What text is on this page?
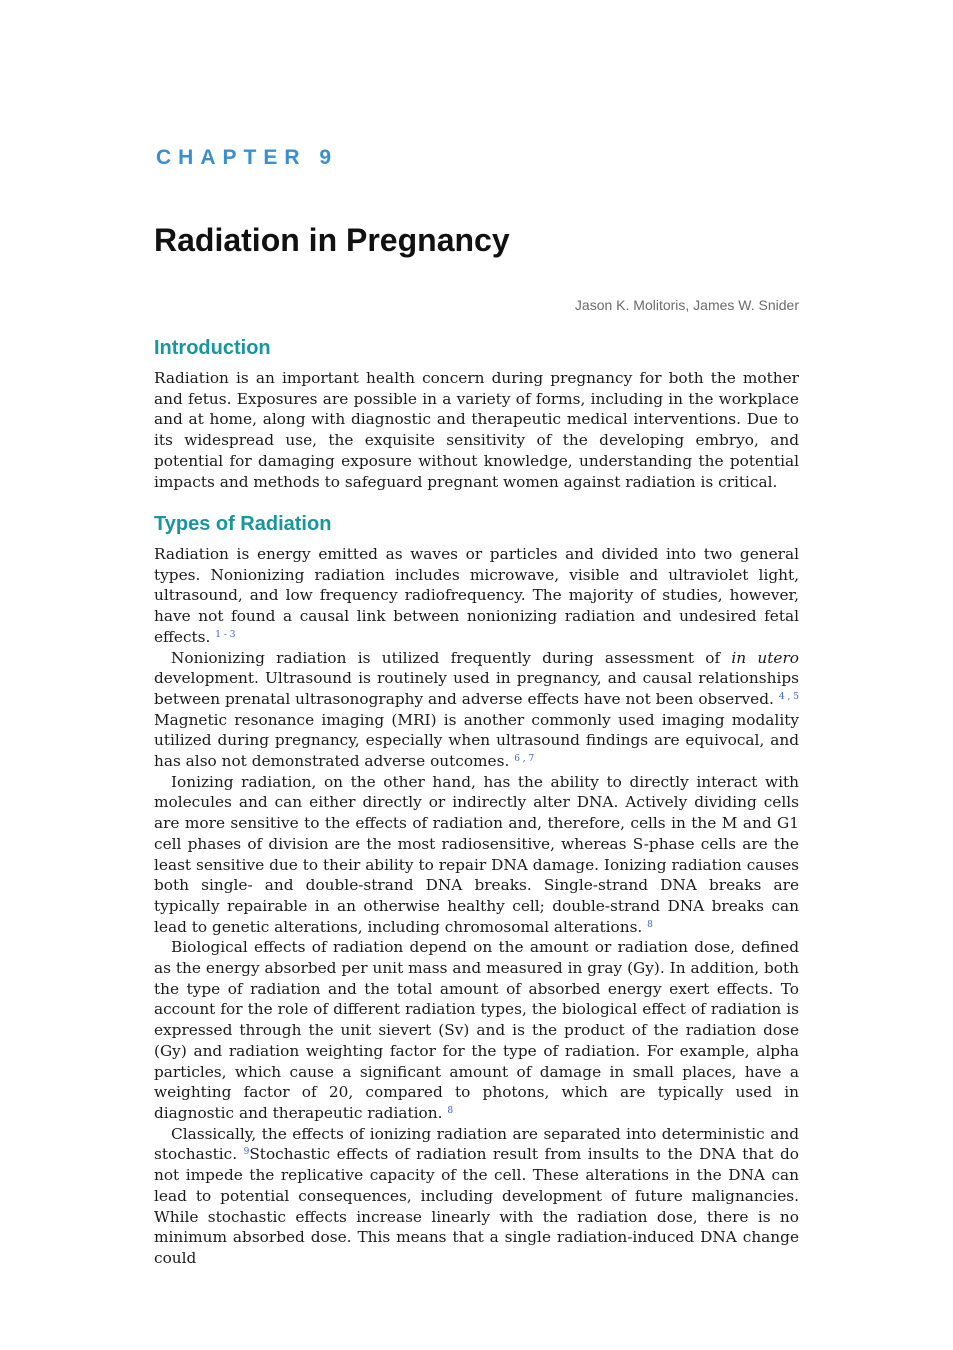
CHAPTER 9
Radiation in Pregnancy
Jason K. Molitoris, James W. Snider
Introduction

Radiation is an important health concern during pregnancy for both the mother and fetus. Exposures are possible in a variety of forms, including in the workplace and at home, along with diagnostic and therapeutic medical interventions. Due to its widespread use, the exquisite sensitivity of the developing embryo, and potential for damaging exposure without knowledge, understanding the potential impacts and methods to safeguard pregnant women against radiation is critical.

Types of Radiation

Radiation is energy emitted as waves or particles and divided into two general types. Nonionizing radiation includes microwave, visible and ultraviolet light, ultrasound, and low frequency radiofrequency. The majority of studies, however, have not found a causal link between nonionizing radiation and undesired fetal effects. $^{1 - 3}$

Nonionizing radiation is utilized frequently during assessment of in utero development. Ultrasound is routinely used in pregnancy, and causal relationships between prenatal ultrasonography and adverse effects have not been observed. $^{4 , 5}$ Magnetic resonance imaging (MRI) is another commonly used imaging modality utilized during pregnancy, especially when ultrasound findings are equivocal, and has also not demonstrated adverse outcomes. $^{6 , 7}$

Ionizing radiation, on the other hand, has the ability to directly interact with molecules and can either directly or indirectly alter DNA. Actively dividing cells are more sensitive to the effects of radiation and, therefore, cells in the M and G1 cell phases of division are the most radiosensitive, whereas S-phase cells are the least sensitive due to their ability to repair DNA damage. Ionizing radiation causes both single- and double-strand DNA breaks. Single-strand DNA breaks are typically repairable in an otherwise healthy cell; double-strand DNA breaks can lead to genetic alterations, including chromosomal alterations. $^8$

Biological effects of radiation depend on the amount or radiation dose, defined as the energy absorbed per unit mass and measured in gray (Gy). In addition, both the type of radiation and the total amount of absorbed energy exert effects. To account for the role of different radiation types, the biological effect of radiation is expressed through the unit sievert (Sv) and is the product of the radiation dose (Gy) and radiation weighting factor for the type of radiation. For example, alpha particles, which cause a significant amount of damage in small places, have a weighting factor of 20, compared to photons, which are typically used in diagnostic and therapeutic radiation. $^8$

Classically, the effects of ionizing radiation are separated into deterministic and stochastic. $^9$Stochastic effects of radiation result from insults to the DNA that do not impede the replicative capacity of the cell. These alterations in the DNA can lead to potential consequences, including development of future malignancies. While stochastic effects increase linearly with the radiation dose, there is no minimum absorbed dose. This means that a single radiation-induced DNA change could
